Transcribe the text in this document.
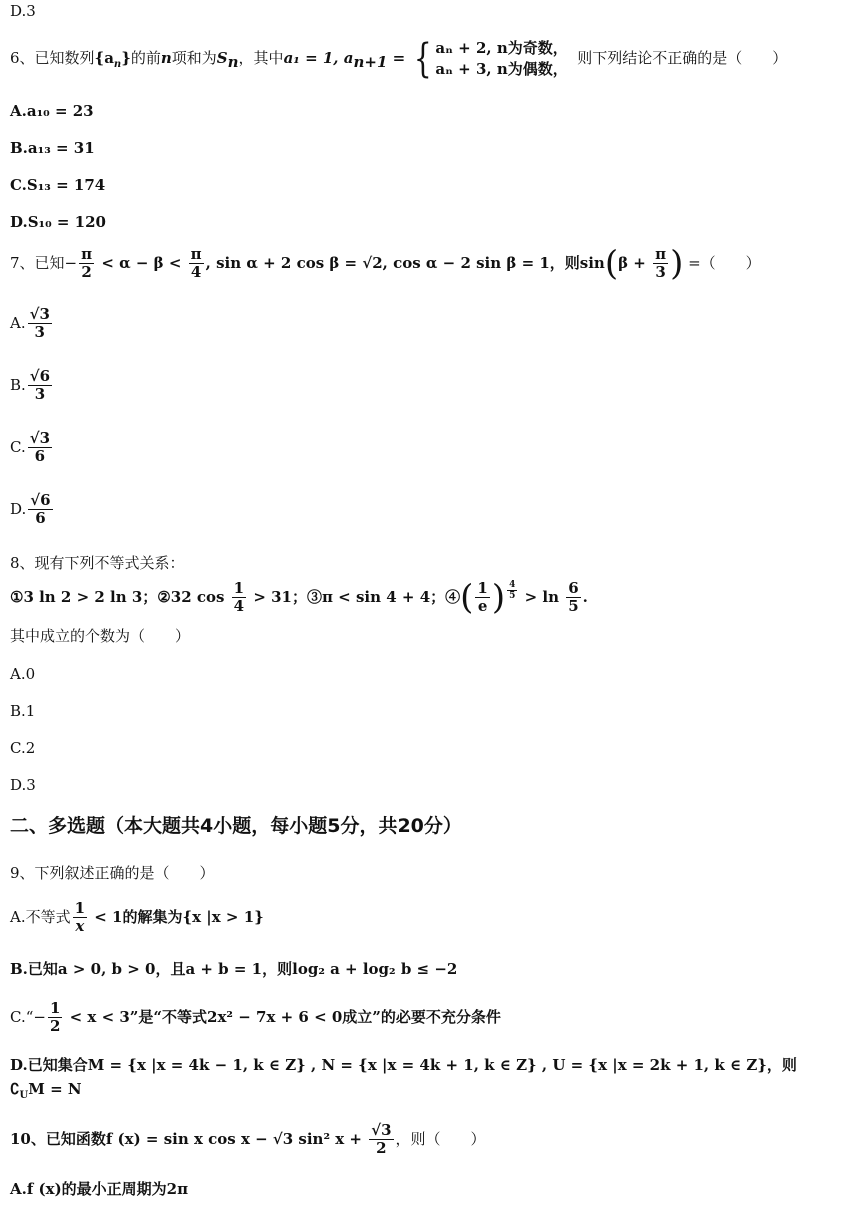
D.3
6、已知数列$\{a_n\}$的前n项和为$S_n$，其中a₁ = 1, $a_{n+1}$ = { aₙ + 2, n为奇数，
aₙ + 3, n为偶数，
则下列结论不正确的是（　　）
A.a₁₀ = 23
B.a₁₃ = 31
C.S₁₃ = 174
D.S₁₀ = 120
7、已知− $\frac{\pi}{2} < \alpha - \beta < \frac{\pi}{4}$ , sin α + 2 cos β = √2, cos α − 2 sin β = 1，则$\sin(\beta + \frac{\pi}{3}$ ) =（　　）
A. $\frac{√3}{3}$
B. $\frac{√6}{3}$
C. $\frac{√3}{6}$
D. $\frac{√6}{6}$
8、现有下列不等式关系：
①3 ln 2 > 2 ln 3；②32 $\cos \frac{1}{4} > 31$；③π < sin 4 + 4；④( $\frac{1}{e}$ ) $\frac{4}{5} > \ln \frac{6}{5}$ .
其中成立的个数为（　　）
A.0
B.1
C.2
D.3
二、多选题（本大题共4小题，每小题5分，共20分）
9、下列叙述正确的是（　　）
A.不等式 $\frac{1}{x} < 1$的解集为{x |x > 1}
B.已知a > 0, b > 0，且a + b = 1，则log₂ a + log₂ b ≤ −2
C.“− $\frac{1}{2} < x < 3$”是“不等式2x² − 7x + 6 < 0成立”的必要不充分条件
D.已知集合M = {x |x = 4k − 1, k ∈ Z} , N = {x |x = 4k + 1, k ∈ Z} , U = {x |x = 2k + 1, k ∈ Z}，则
$∁_UM = N$
10、已知函数f (x) = sin x cos x − √3 sin² $x + \frac{√3}{2}$ ，则（　　）
A.f (x)的最小正周期为2π
